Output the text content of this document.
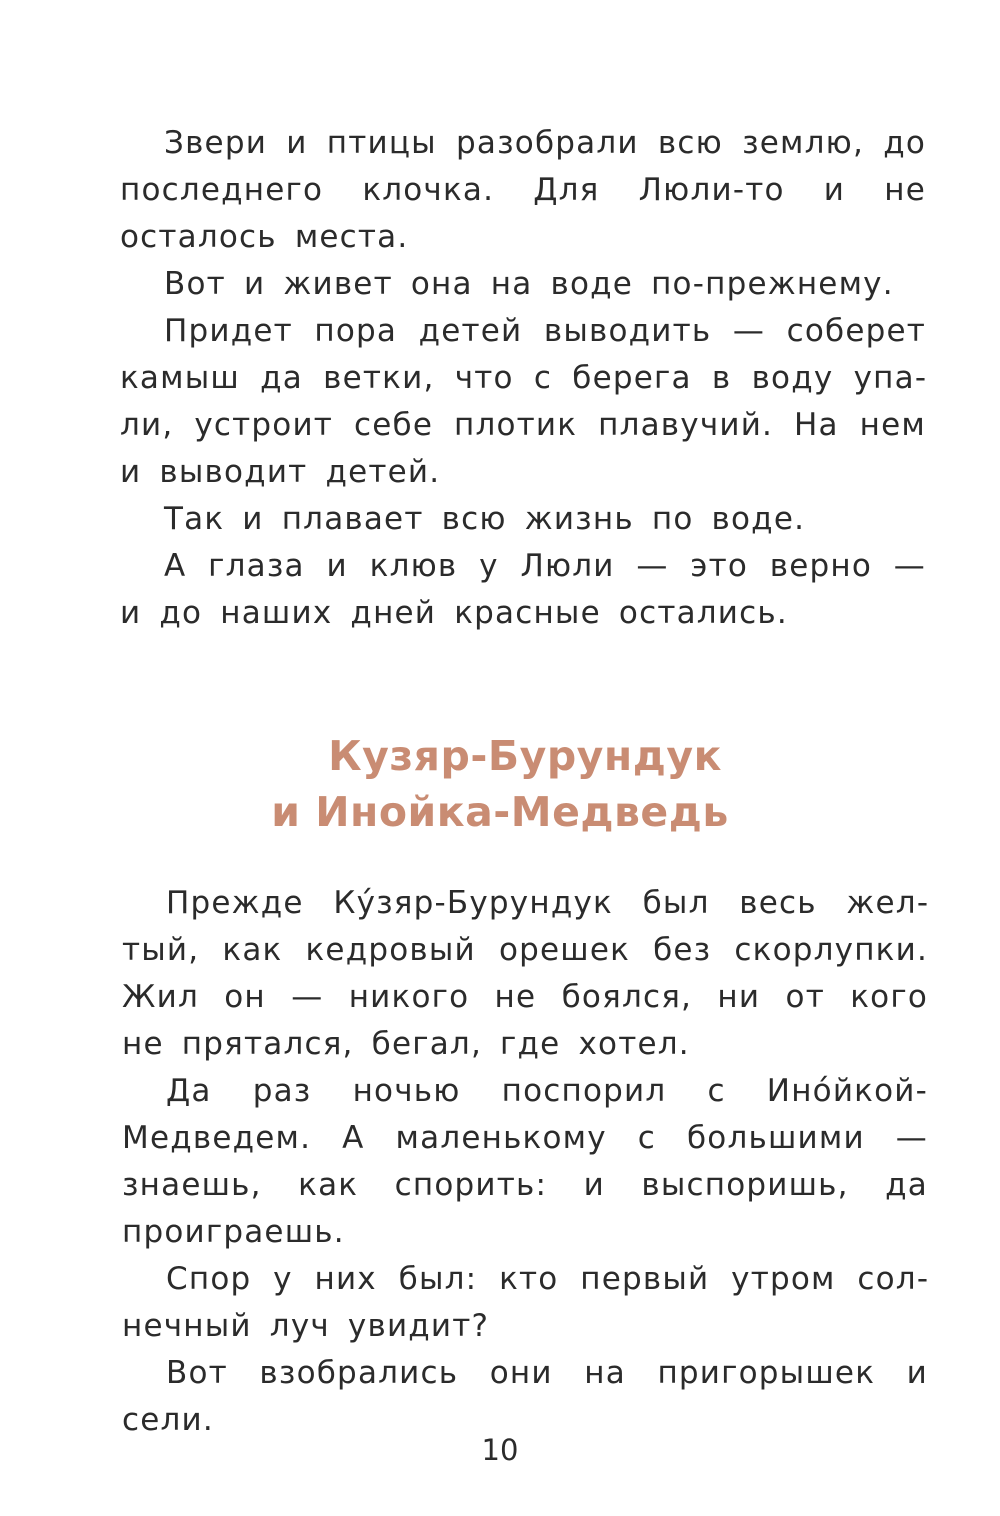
Звери и птицы разобрали всю землю, до последнего клочка. Для Люли-то и не осталось места.

Вот и живет она на воде по-прежнему.

Придет пора детей выводить — соберет камыш да ветки, что с берега в воду упали, устроит себе плотик плавучий. На нем и выводит детей.

Так и плавает всю жизнь по воде.

А глаза и клюв у Люли — это верно — и до наших дней красные остались.

Кузяр-Бурундук
и Инойка-Медведь

Прежде Ку́зяр-Бурундук был весь желтый, как кедровый орешек без скорлупки. Жил он — никого не боялся, ни от кого не прятался, бегал, где хотел.

Да раз ночью поспорил с Ино́йкой-Медведем. А маленькому с большими — знаешь, как спорить: и выспоришь, да проиграешь.

Спор у них был: кто первый утром солнечный луч увидит?

Вот взобрались они на пригорышек и сели.

10
